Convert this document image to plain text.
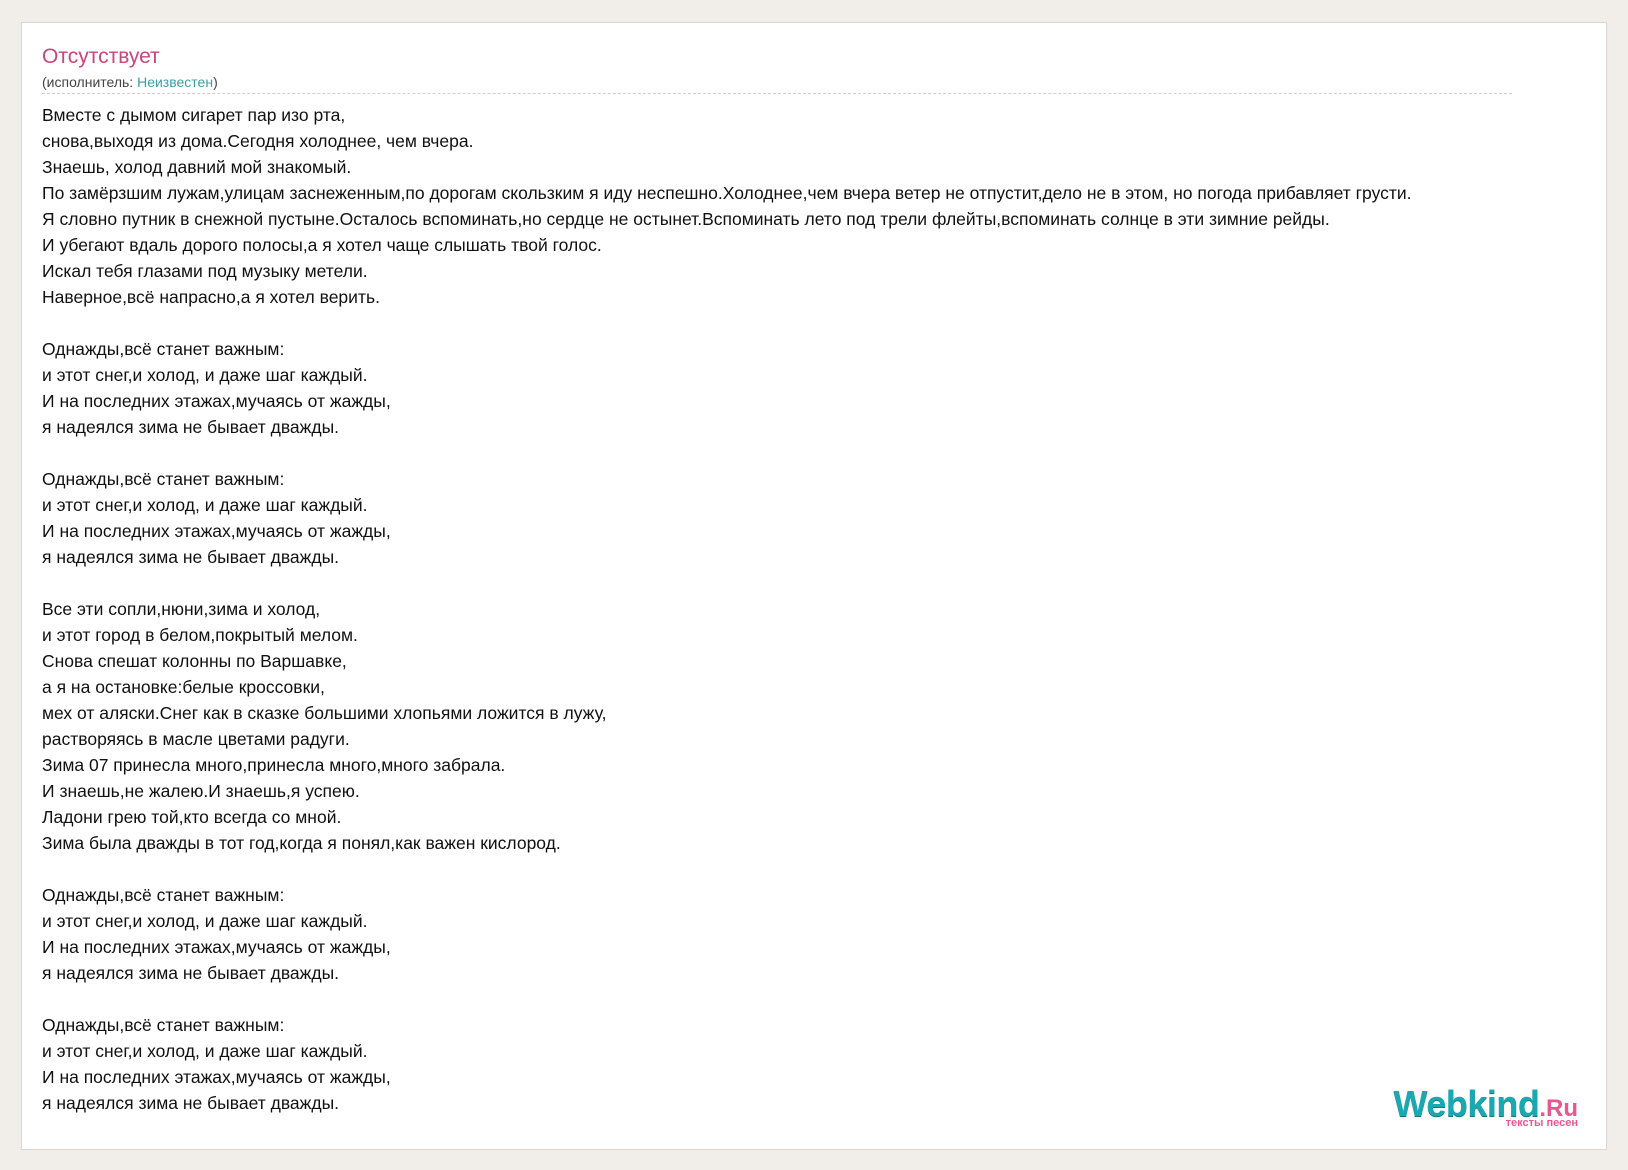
Отсутствует
(исполнитель: Неизвестен)
Вместе с дымом сигарет пар изо рта,
снова,выходя из дома.Сегодня холоднее, чем вчера.
Знаешь, холод давний мой знакомый.
По замёрзшим лужам,улицам заснеженным,по дорогам скользким я иду неспешно.Холоднее,чем вчера ветер не отпустит,дело не в этом, но погода прибавляет грусти.
Я словно путник в снежной пустыне.Осталось вспоминать,но сердце не остынет.Вспоминать лето под трели флейты,вспоминать солнце в эти зимние рейды.
И убегают вдаль дорого полосы,а я хотел чаще слышать твой голос.
Искал тебя глазами под музыку метели.
Наверное,всё напрасно,а я хотел верить.
Однажды,всё станет важным:
и этот снег,и холод, и даже шаг каждый.
И на последних этажах,мучаясь от жажды,
я надеялся зима не бывает дважды.
Однажды,всё станет важным:
и этот снег,и холод, и даже шаг каждый.
И на последних этажах,мучаясь от жажды,
я надеялся зима не бывает дважды.
Все эти сопли,нюни,зима и холод,
и этот город в белом,покрытый мелом.
Снова спешат колонны по Варшавке,
а я на остановке:белые кроссовки,
мех от аляски.Снег как в сказке большими хлопьями ложится в лужу,
растворяясь в масле цветами радуги.
Зима 07 принесла много,принесла много,много забрала.
И знаешь,не жалею.И знаешь,я успею.
Ладони грею той,кто всегда со мной.
Зима была дважды в тот год,когда я понял,как важен кислород.
Однажды,всё станет важным:
и этот снег,и холод, и даже шаг каждый.
И на последних этажах,мучаясь от жажды,
я надеялся зима не бывает дважды.
Однажды,всё станет важным:
и этот снег,и холод, и даже шаг каждый.
И на последних этажах,мучаясь от жажды,
я надеялся зима не бывает дважды.	Webkind.Ru
тексты песен
